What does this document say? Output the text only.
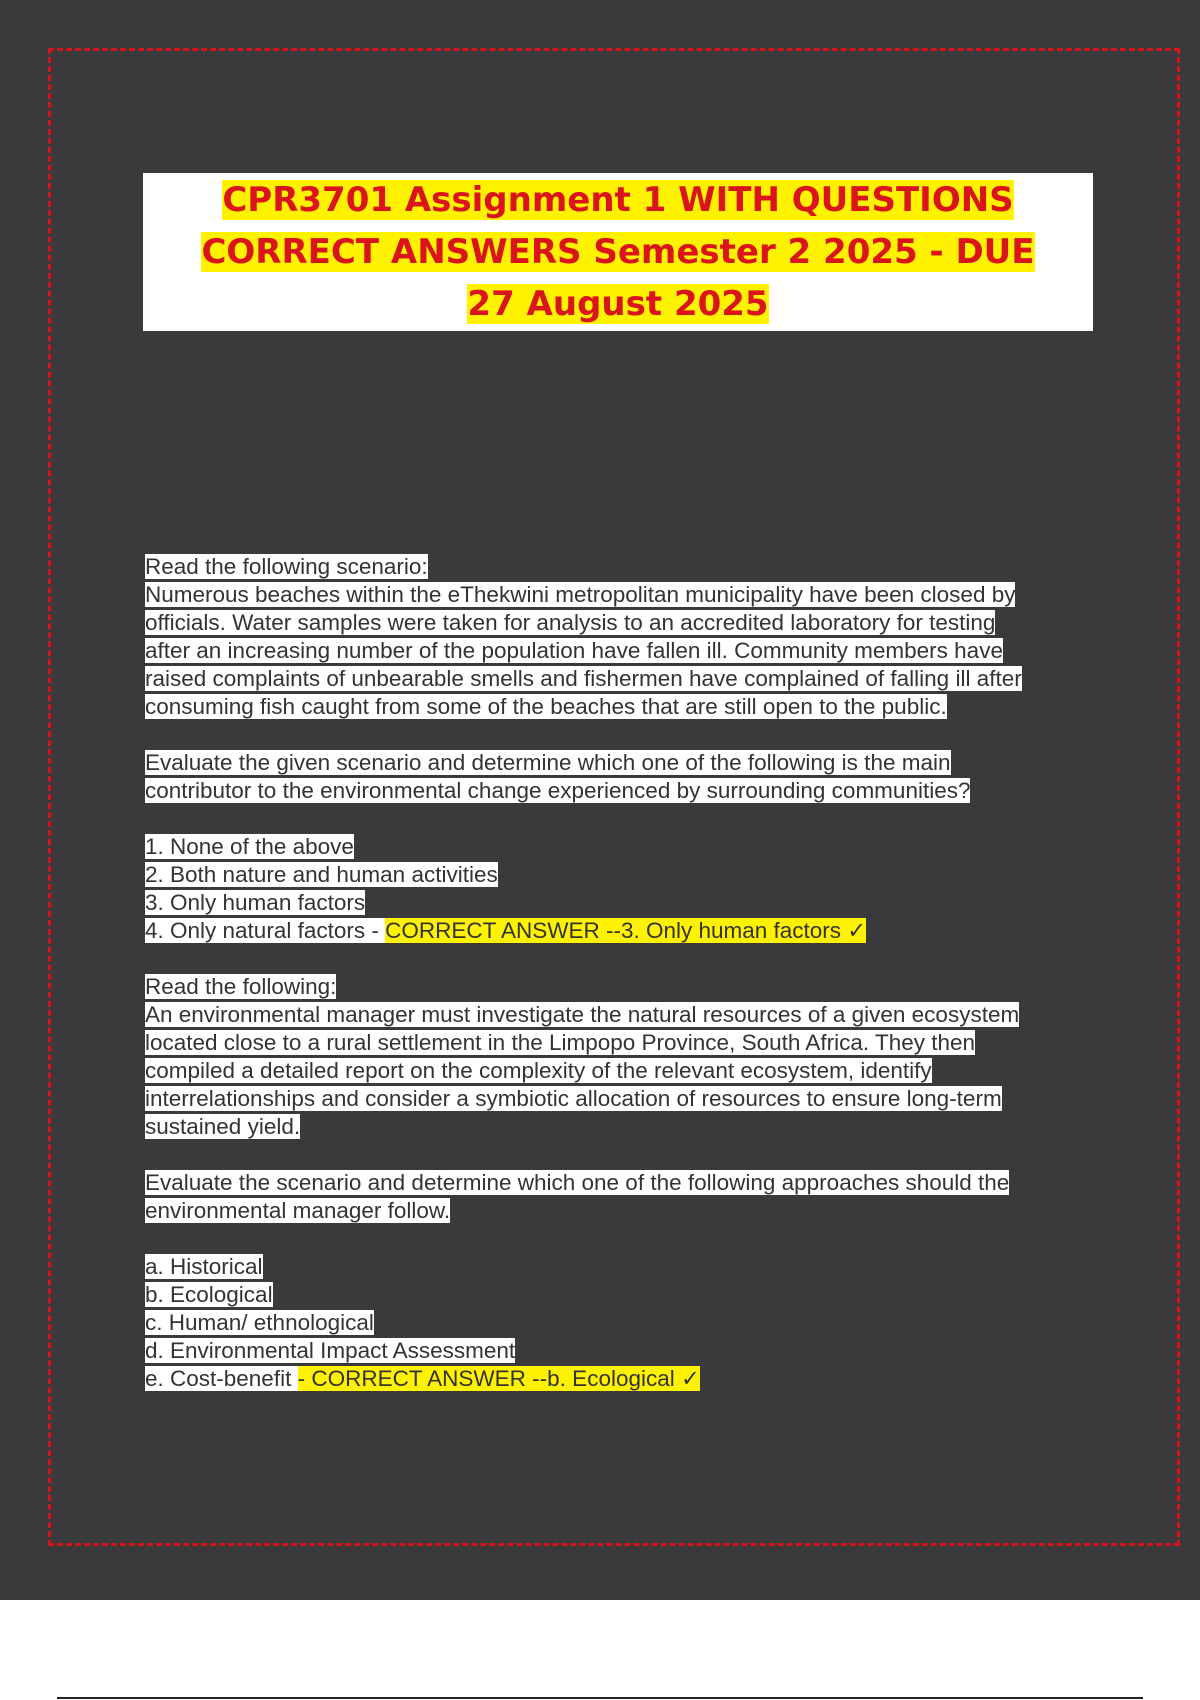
CPR3701 Assignment 1 WITH QUESTIONS
CORRECT ANSWERS Semester 2 2025 - DUE
27 August 2025
Read the following scenario:
Numerous beaches within the eThekwini metropolitan municipality have been closed by
officials. Water samples were taken for analysis to an accredited laboratory for testing
after an increasing number of the population have fallen ill. Community members have
raised complaints of unbearable smells and fishermen have complained of falling ill after
consuming fish caught from some of the beaches that are still open to the public.
Evaluate the given scenario and determine which one of the following is the main
contributor to the environmental change experienced by surrounding communities?
1. None of the above
2. Both nature and human activities
3. Only human factors
4. Only natural factors - CORRECT ANSWER --3. Only human factors ✓
Read the following:
An environmental manager must investigate the natural resources of a given ecosystem
located close to a rural settlement in the Limpopo Province, South Africa. They then
compiled a detailed report on the complexity of the relevant ecosystem, identify
interrelationships and consider a symbiotic allocation of resources to ensure long-term
sustained yield.
Evaluate the scenario and determine which one of the following approaches should the
environmental manager follow.
a. Historical
b. Ecological
c. Human/ ethnological
d. Environmental Impact Assessment
e. Cost-benefit - CORRECT ANSWER --b. Ecological ✓
